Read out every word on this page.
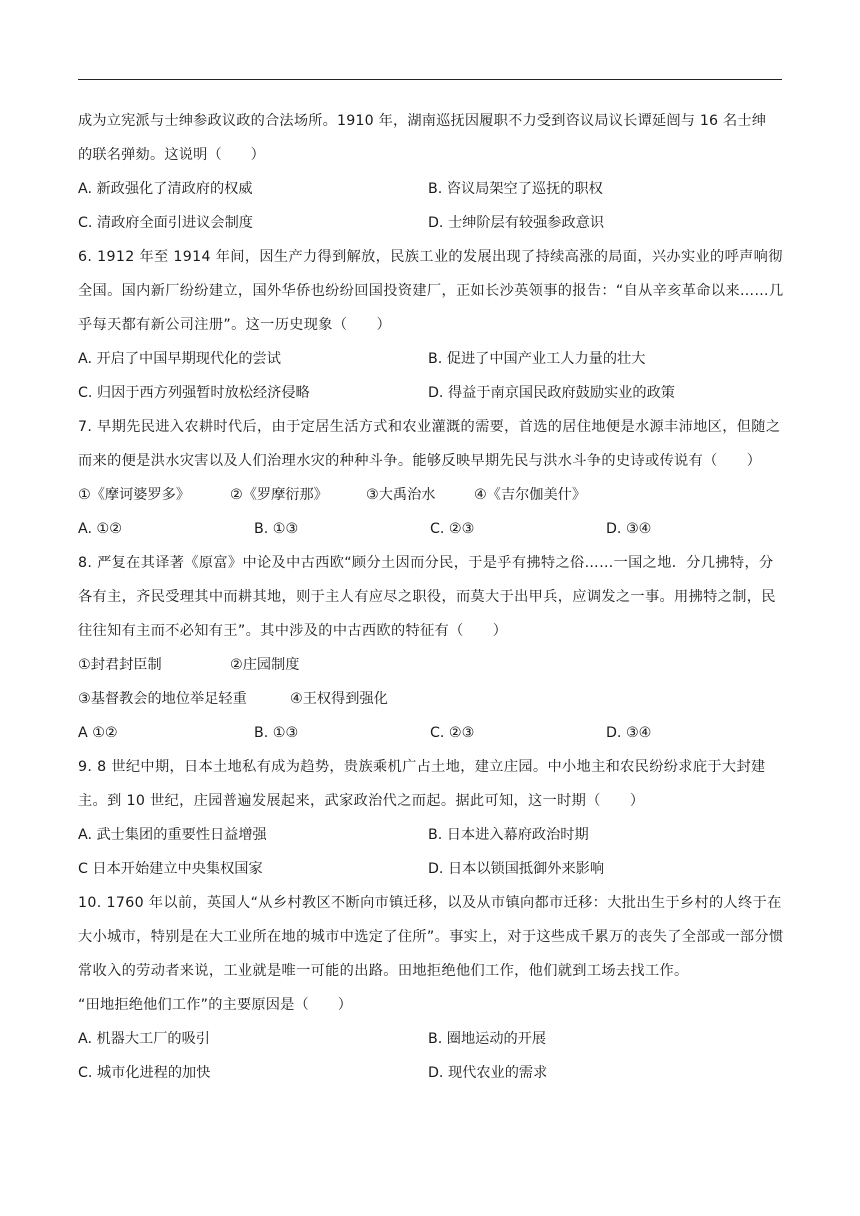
成为立宪派与士绅参政议政的合法场所。1910 年，湖南巡抚因履职不力受到咨议局议长谭延闿与 16 名士绅
的联名弹劾。这说明（　　）
A. 新政强化了清政府的权威	B. 咨议局架空了巡抚的职权
C. 清政府全面引进议会制度	D. 士绅阶层有较强参政意识
6. 1912 年至 1914 年间，因生产力得到解放，民族工业的发展出现了持续高涨的局面，兴办实业的呼声响彻全国。国内新厂纷纷建立，国外华侨也纷纷回国投资建厂，正如长沙英领事的报告：“自从辛亥革命以来……几乎每天都有新公司注册”。这一历史现象（　　）
A. 开启了中国早期现代化的尝试	B. 促进了中国产业工人力量的壮大
C. 归因于西方列强暂时放松经济侵略	D. 得益于南京国民政府鼓励实业的政策
7. 早期先民进入农耕时代后，由于定居生活方式和农业灌溉的需要，首选的居住地便是水源丰沛地区，但随之而来的便是洪水灾害以及人们治理水灾的种种斗争。能够反映早期先民与洪水斗争的史诗或传说有（　　）
①《摩诃婆罗多》	②《罗摩衍那》	③大禹治水	④《吉尔伽美什》
A. ①②	B. ①③	C. ②③	D. ③④
8. 严复在其译著《原富》中论及中古西欧“顾分土因而分民，于是乎有拂特之俗……一国之地．分几拂特，分各有主，齐民受理其中而耕其地，则于主人有应尽之职役，而莫大于出甲兵，应调发之一事。用拂特之制，民往往知有主而不必知有王”。其中涉及的中古西欧的特征有（　　）
①封君封臣制	②庄园制度
③基督教会的地位举足轻重	④王权得到强化
A ①②	B. ①③	C. ②③	D. ③④
9. 8 世纪中期，日本土地私有成为趋势，贵族乘机广占土地，建立庄园。中小地主和农民纷纷求庇于大封建主。到 10 世纪，庄园普遍发展起来，武家政治代之而起。据此可知，这一时期（　　）
A. 武士集团的重要性日益增强	B. 日本进入幕府政治时期
C 日本开始建立中央集权国家	D. 日本以锁国抵御外来影响
10. 1760 年以前，英国人“从乡村教区不断向市镇迁移，以及从市镇向都市迁移：大批出生于乡村的人终于在大小城市，特别是在大工业所在地的城市中选定了住所”。事实上，对于这些成千累万的丧失了全部或一部分惯常收入的劳动者来说，工业就是唯一可能的出路。田地拒绝他们工作，他们就到工场去找工作。
“田地拒绝他们工作”的主要原因是（　　）
A. 机器大工厂的吸引	B. 圈地运动的开展
C. 城市化进程的加快	D. 现代农业的需求
